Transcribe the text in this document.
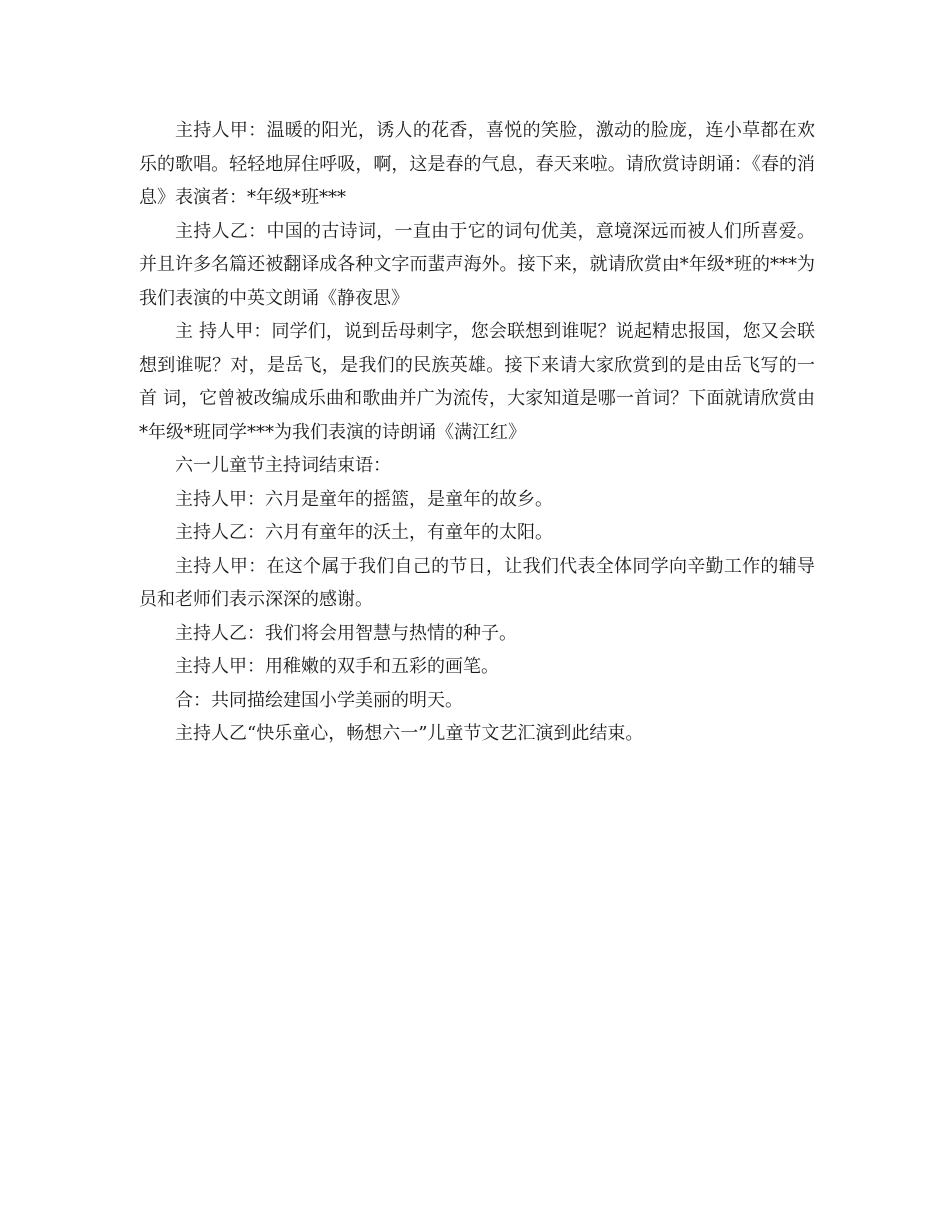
主持人甲：温暖的阳光，诱人的花香，喜悦的笑脸，激动的脸庞，连小草都在欢乐的歌唱。轻轻地屏住呼吸，啊，这是春的气息，春天来啦。请欣赏诗朗诵：《春的消息》表演者：*年级*班***

主持人乙：中国的古诗词，一直由于它的词句优美，意境深远而被人们所喜爱。并且许多名篇还被翻译成各种文字而蜚声海外。接下来，就请欣赏由*年级*班的***为我们表演的中英文朗诵《静夜思》

主 持人甲：同学们，说到岳母刺字，您会联想到谁呢？说起精忠报国，您又会联想到谁呢？对，是岳飞，是我们的民族英雄。接下来请大家欣赏到的是由岳飞写的一首 词，它曾被改编成乐曲和歌曲并广为流传，大家知道是哪一首词？下面就请欣赏由*年级*班同学***为我们表演的诗朗诵《满江红》

六一儿童节主持词结束语：

主持人甲：六月是童年的摇篮，是童年的故乡。

主持人乙：六月有童年的沃土，有童年的太阳。

主持人甲：在这个属于我们自己的节日，让我们代表全体同学向辛勤工作的辅导员和老师们表示深深的感谢。

主持人乙：我们将会用智慧与热情的种子。

主持人甲：用稚嫩的双手和五彩的画笔。

合：共同描绘建国小学美丽的明天。

主持人乙“快乐童心，畅想六一”儿童节文艺汇演到此结束。
